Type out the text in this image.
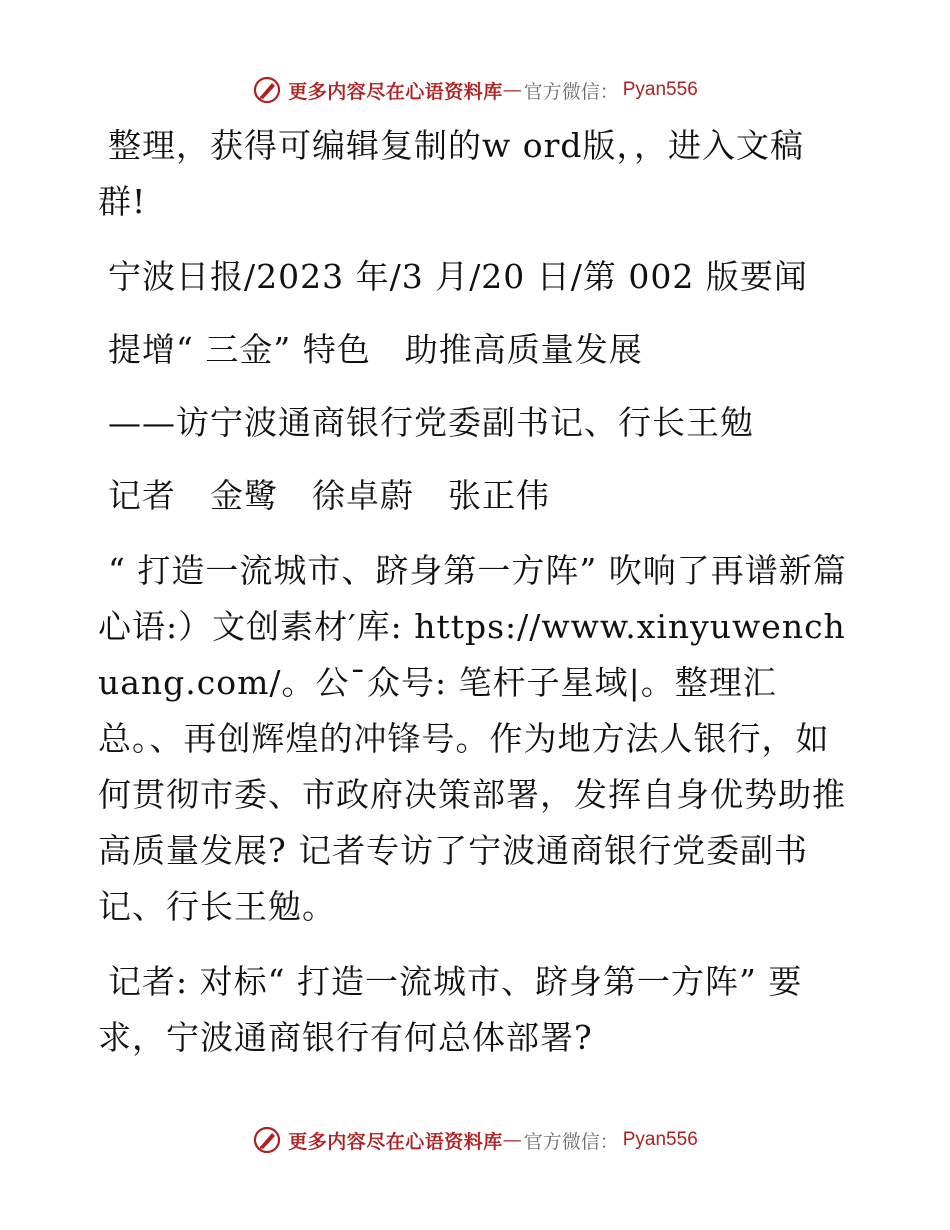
更多内容尽在心语资料库 — 官方微信： Pyan556

整理，获得可编辑复制的w ord版，，进入文稿群!

宁波日报/2023 年/3 月/20 日/第 002 版要闻

提增“ 三金” 特色　助推高质量发展

——访宁波通商银行党委副书记、行长王勉

记者　金鹭　徐卓蔚　张正伟

“ 打造一流城市、跻身第一方阵” 吹响了再谱新篇心语:）文创素材′库: https://www.xinyuwenchuang.com/。公¯众号: 笔杆子星域|。整理汇总。、再创辉煌的冲锋号。作为地方法人银行，如何贯彻市委、市政府决策部署，发挥自身优势助推高质量发展? 记者专访了宁波通商银行党委副书记、行长王勉。

记者: 对标“ 打造一流城市、跻身第一方阵” 要求，宁波通商银行有何总体部署?

更多内容尽在心语资料库 — 官方微信： Pyan556
